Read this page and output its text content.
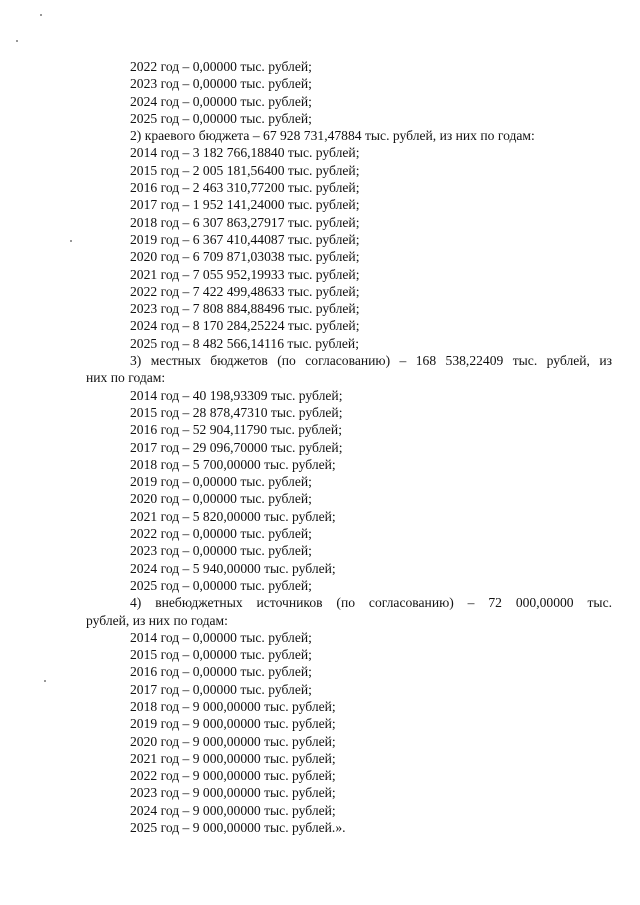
2022 год – 0,00000 тыс. рублей;
2023 год – 0,00000 тыс. рублей;
2024 год – 0,00000 тыс. рублей;
2025 год – 0,00000 тыс. рублей;
2) краевого бюджета – 67 928 731,47884 тыс. рублей, из них по годам:
2014 год – 3 182 766,18840 тыс. рублей;
2015 год – 2 005 181,56400 тыс. рублей;
2016 год – 2 463 310,77200 тыс. рублей;
2017 год – 1 952 141,24000 тыс. рублей;
2018 год – 6 307 863,27917 тыс. рублей;
2019 год – 6 367 410,44087 тыс. рублей;
2020 год – 6 709 871,03038 тыс. рублей;
2021 год – 7 055 952,19933 тыс. рублей;
2022 год – 7 422 499,48633 тыс. рублей;
2023 год – 7 808 884,88496 тыс. рублей;
2024 год – 8 170 284,25224 тыс. рублей;
2025 год – 8 482 566,14116 тыс. рублей;
3) местных бюджетов (по согласованию) – 168 538,22409 тыс. рублей, из
них по годам:
2014 год – 40 198,93309 тыс. рублей;
2015 год – 28 878,47310 тыс. рублей;
2016 год – 52 904,11790 тыс. рублей;
2017 год – 29 096,70000 тыс. рублей;
2018 год – 5 700,00000 тыс. рублей;
2019 год – 0,00000 тыс. рублей;
2020 год – 0,00000 тыс. рублей;
2021 год – 5 820,00000 тыс. рублей;
2022 год – 0,00000 тыс. рублей;
2023 год – 0,00000 тыс. рублей;
2024 год – 5 940,00000 тыс. рублей;
2025 год – 0,00000 тыс. рублей;
4) внебюджетных источников (по согласованию) – 72 000,00000 тыс.
рублей, из них по годам:
2014 год – 0,00000 тыс. рублей;
2015 год – 0,00000 тыс. рублей;
2016 год – 0,00000 тыс. рублей;
2017 год – 0,00000 тыс. рублей;
2018 год – 9 000,00000 тыс. рублей;
2019 год – 9 000,00000 тыс. рублей;
2020 год – 9 000,00000 тыс. рублей;
2021 год – 9 000,00000 тыс. рублей;
2022 год – 9 000,00000 тыс. рублей;
2023 год – 9 000,00000 тыс. рублей;
2024 год – 9 000,00000 тыс. рублей;
2025 год – 9 000,00000 тыс. рублей.».
